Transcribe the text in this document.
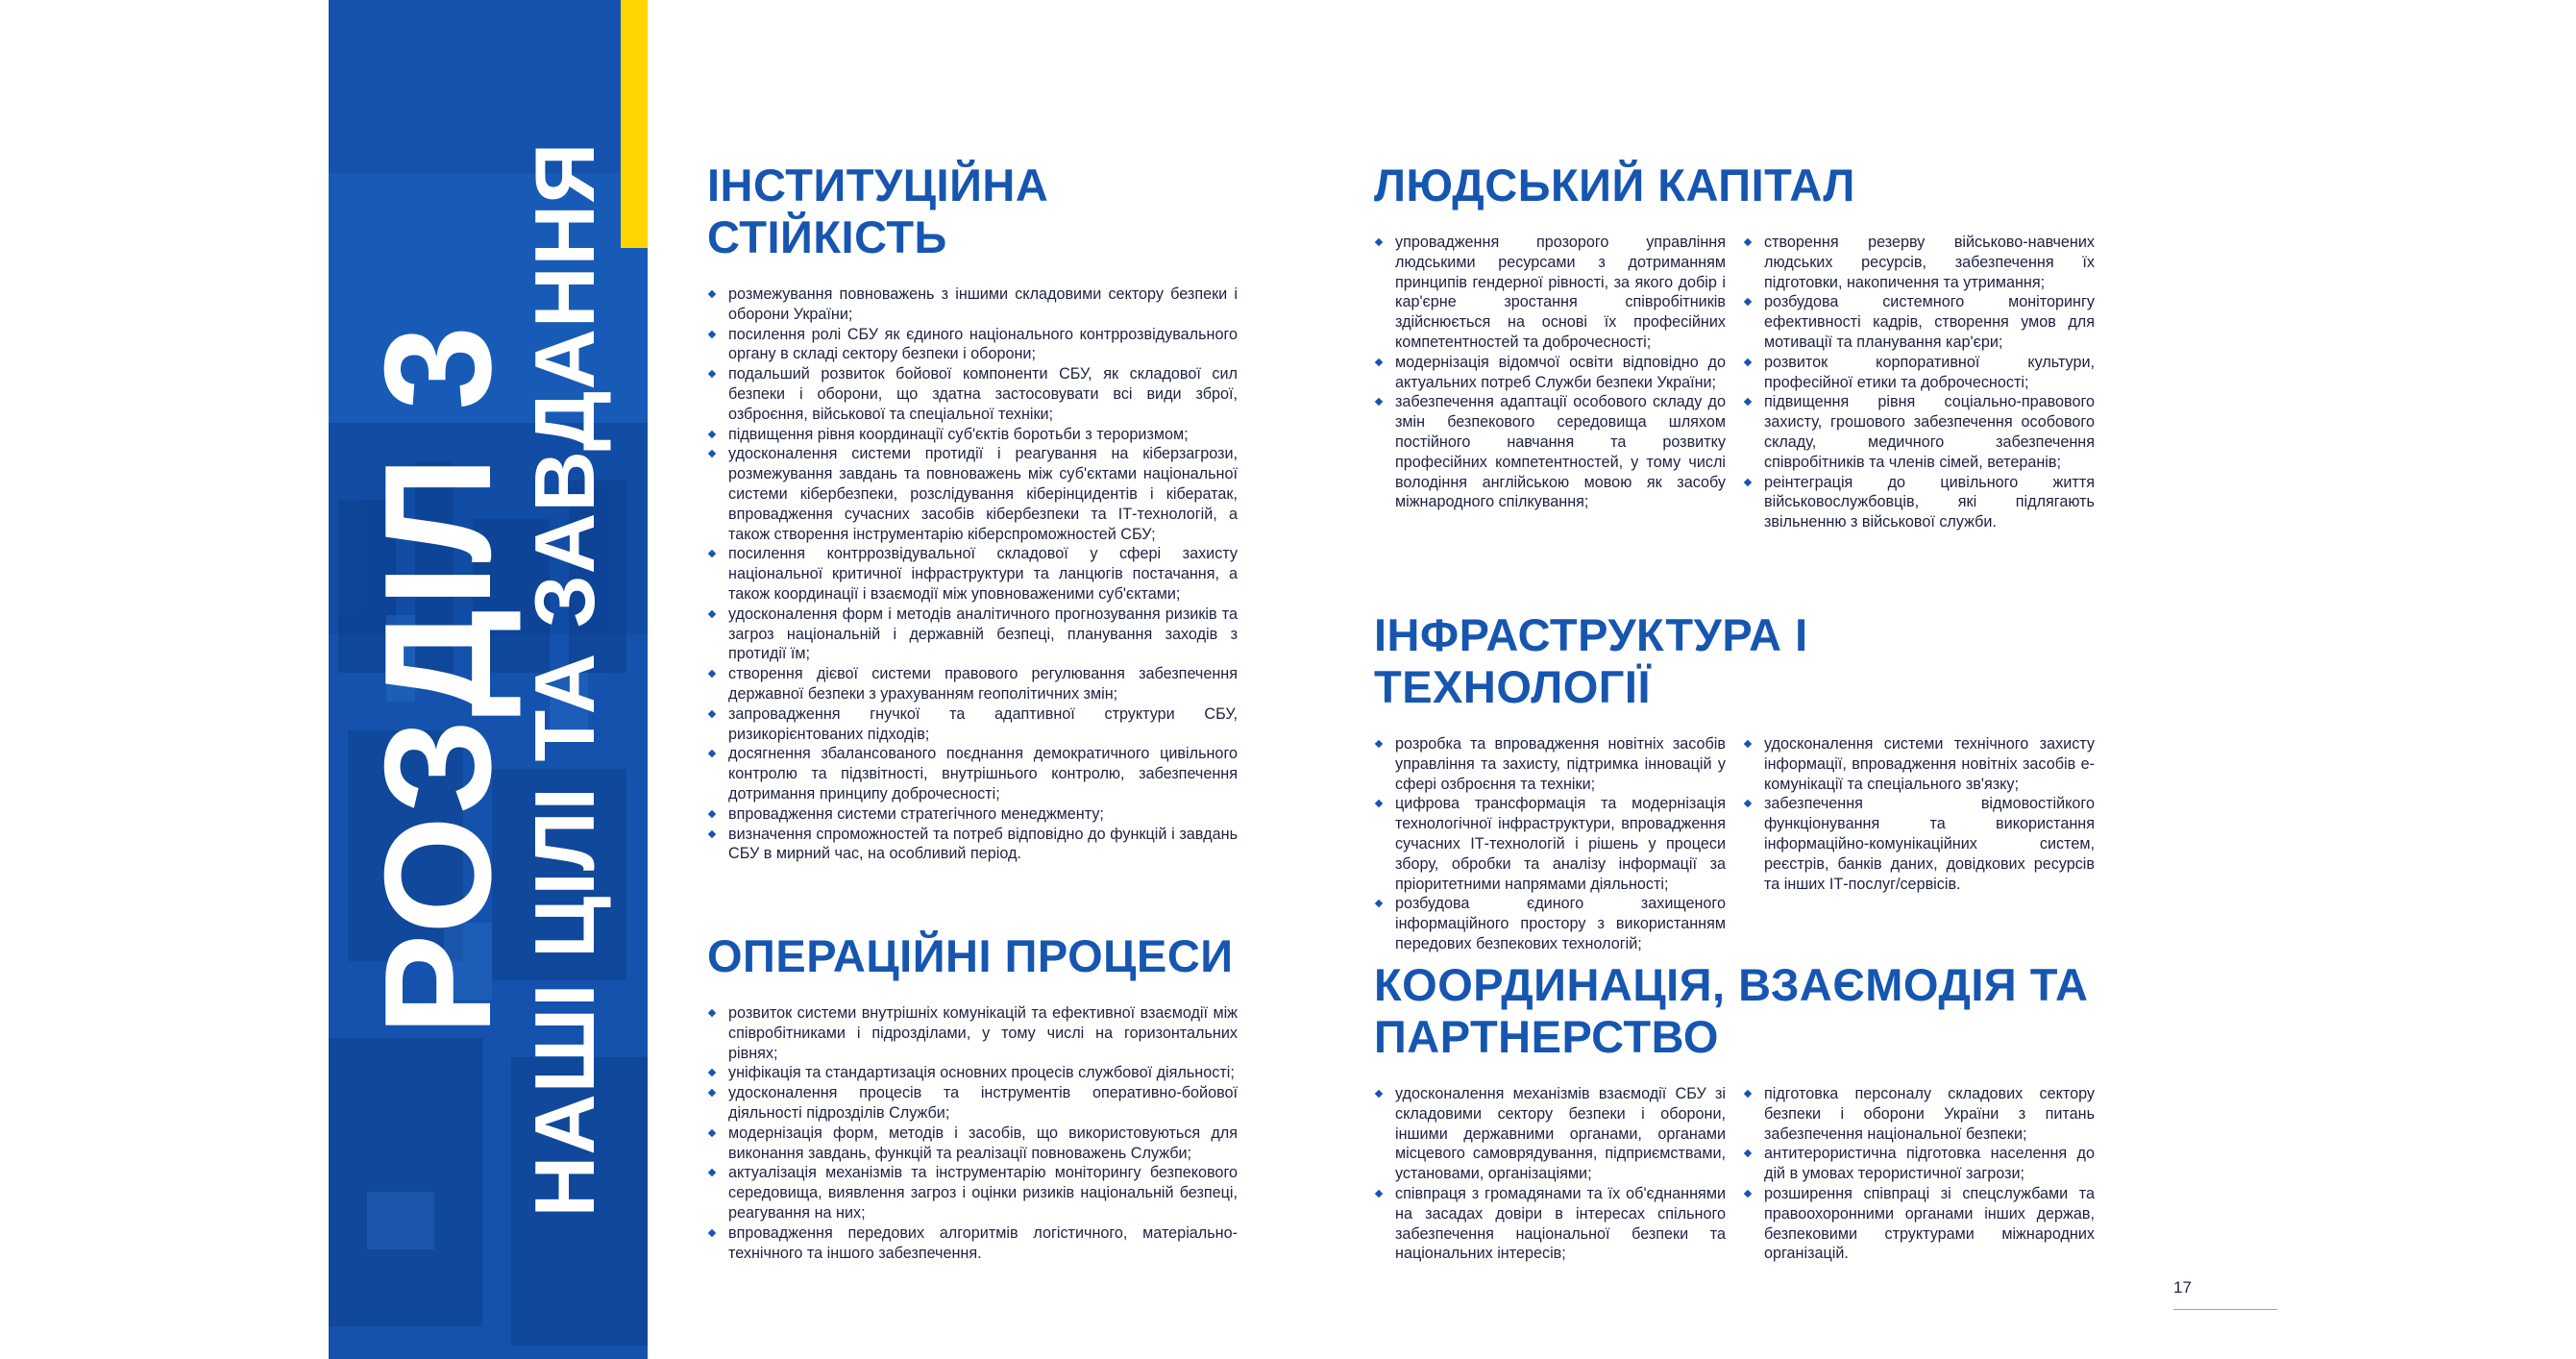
РОЗДІЛ 3
НАШІ ЦІЛІ ТА ЗАВДАННЯ ІНСТИТУЦІЙНА СТІЙКІСТЬ
розмежування повноважень з іншими складовими сектору безпеки і оборони України;
посилення ролі СБУ як єдиного національного контррозвідувального органу в складі сектору безпеки і оборони;
подальший розвиток бойової компоненти СБУ, як складової сил безпеки і оборони, що здатна застосовувати всі види зброї, озброєння, військової та спеціальної техніки;
підвищення рівня координації суб'єктів боротьби з тероризмом;
удосконалення системи протидії і реагування на кіберзагрози, розмежування завдань та повноважень між суб'єктами національної системи кібербезпеки, розслідування кіберінцидентів і кібератак, впровадження сучасних засобів кібербезпеки та ІТ-технологій, а також створення інструментарію кіберспроможностей СБУ;
посилення контррозвідувальної складової у сфері захисту національної критичної інфраструктури та ланцюгів постачання, а також координації і взаємодії між уповноваженими суб'єктами;
удосконалення форм і методів аналітичного прогнозування ризиків та загроз національній і державній безпеці, планування заходів з протидії їм;
створення дієвої системи правового регулювання забезпечення державної безпеки з урахуванням геополітичних змін;
запровадження гнучкої та адаптивної структури СБУ, ризикорієнтованих підходів;
досягнення збалансованого поєднання демократичного цивільного контролю та підзвітності, внутрішнього контролю, забезпечення дотримання принципу доброчесності;
впровадження системи стратегічного менеджменту;
визначення спроможностей та потреб відповідно до функцій і завдань СБУ в мирний час, на особливий період.
ОПЕРАЦІЙНІ ПРОЦЕСИ
розвиток системи внутрішніх комунікацій та ефективної взаємодії між співробітниками і підрозділами, у тому числі на горизонтальних рівнях;
уніфікація та стандартизація основних процесів службової діяльності;
удосконалення процесів та інструментів оперативно-бойової діяльності підрозділів Служби;
модернізація форм, методів і засобів, що використовуються для виконання завдань, функцій та реалізації повноважень Служби;
актуалізація механізмів та інструментарію моніторингу безпекового середовища, виявлення загроз і оцінки ризиків національній безпеці, реагування на них;
впровадження передових алгоритмів логістичного, матеріально-технічного та іншого забезпечення.
ЛЮДСЬКИЙ КАПІТАЛ
упровадження прозорого управління людськими ресурсами з дотриманням принципів гендерної рівності, за якого добір і кар'єрне зростання співробітників здійснюється на основі їх професійних компетентностей та доброчесності;
модернізація відомчої освіти відповідно до актуальних потреб Служби безпеки України;
забезпечення адаптації особового складу до змін безпекового середовища шляхом постійного навчання та розвитку професійних компетентностей, у тому числі володіння англійською мовою як засобу міжнародного спілкування;
створення резерву військово-навчених людських ресурсів, забезпечення їх підготовки, накопичення та утримання;
розбудова системного моніторингу ефективності кадрів, створення умов для мотивації та планування кар'єри;
розвиток корпоративної культури, професійної етики та доброчесності;
підвищення рівня соціально-правового захисту, грошового забезпечення особового складу, медичного забезпечення співробітників та членів сімей, ветеранів;
реінтеграція до цивільного життя військовослужбовців, які підлягають звільненню з військової служби.
ІНФРАСТРУКТУРА І ТЕХНОЛОГІЇ
розробка та впровадження новітніх засобів управління та захисту, підтримка інновацій у сфері озброєння та техніки;
цифрова трансформація та модернізація технологічної інфраструктури, впровадження сучасних ІТ-технологій і рішень у процеси збору, обробки та аналізу інформації за пріоритетними напрямами діяльності;
розбудова єдиного захищеного інформаційного простору з використанням передових безпекових технологій;
удосконалення системи технічного захисту інформації, впровадження новітніх засобів е-комунікації та спеціального зв'язку;
забезпечення відмовостійкого функціонування та використання інформаційно-комунікаційних систем, реєстрів, банків даних, довідкових ресурсів та інших ІТ-послуг/сервісів.
КООРДИНАЦІЯ, ВЗАЄМОДІЯ ТА ПАРТНЕРСТВО
удосконалення механізмів взаємодії СБУ зі складовими сектору безпеки і оборони, іншими державними органами, органами місцевого самоврядування, підприємствами, установами, організаціями;
співпраця з громадянами та їх об'єднаннями на засадах довіри в інтересах спільного забезпечення національної безпеки та національних інтересів;
підготовка персоналу складових сектору безпеки і оборони України з питань забезпечення національної безпеки;
антитерористична підготовка населення до дій в умовах терористичної загрози;
розширення співпраці зі спецслужбами та правоохоронними органами інших держав, безпековими структурами міжнародних організацій.
17
